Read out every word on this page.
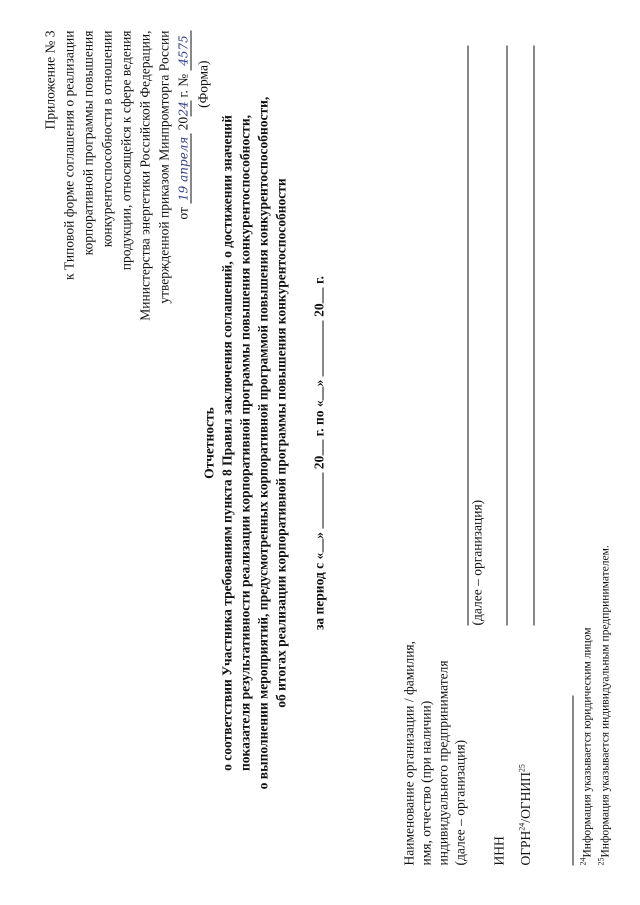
Приложение № 3 к Типовой форме соглашения о реализации корпоративной программы повышения конкурентоспособности в отношении продукции, относящейся к сфере ведения Министерства энергетики Российской Федерации, утвержденной приказом Минпромторга России от 19 апреля 2024 г. № 4575
(Форма)
Отчетность о соответствии Участника требованиям пункта 8 Правил заключения соглашений, о достижении значений показателя результативности реализации корпоративной программы повышения конкурентоспособности, о выполнении мероприятий, предусмотренных корпоративной программой повышения конкурентоспособности, об итогах реализации корпоративной программы повышения конкурентоспособности за период с «»  20 г. по «»  20 г.
Наименование организации / фамилия, имя, отчество (при наличии) индивидуального предпринимателя (далее – организация)
(далее – организация)
ИНН ОГРН$^{24}$/ОГНИП$^{25}$
$^{24}$Информация указывается юридическим лицом
$^{25}$Информация указывается индивидуальным предпринимателем.
